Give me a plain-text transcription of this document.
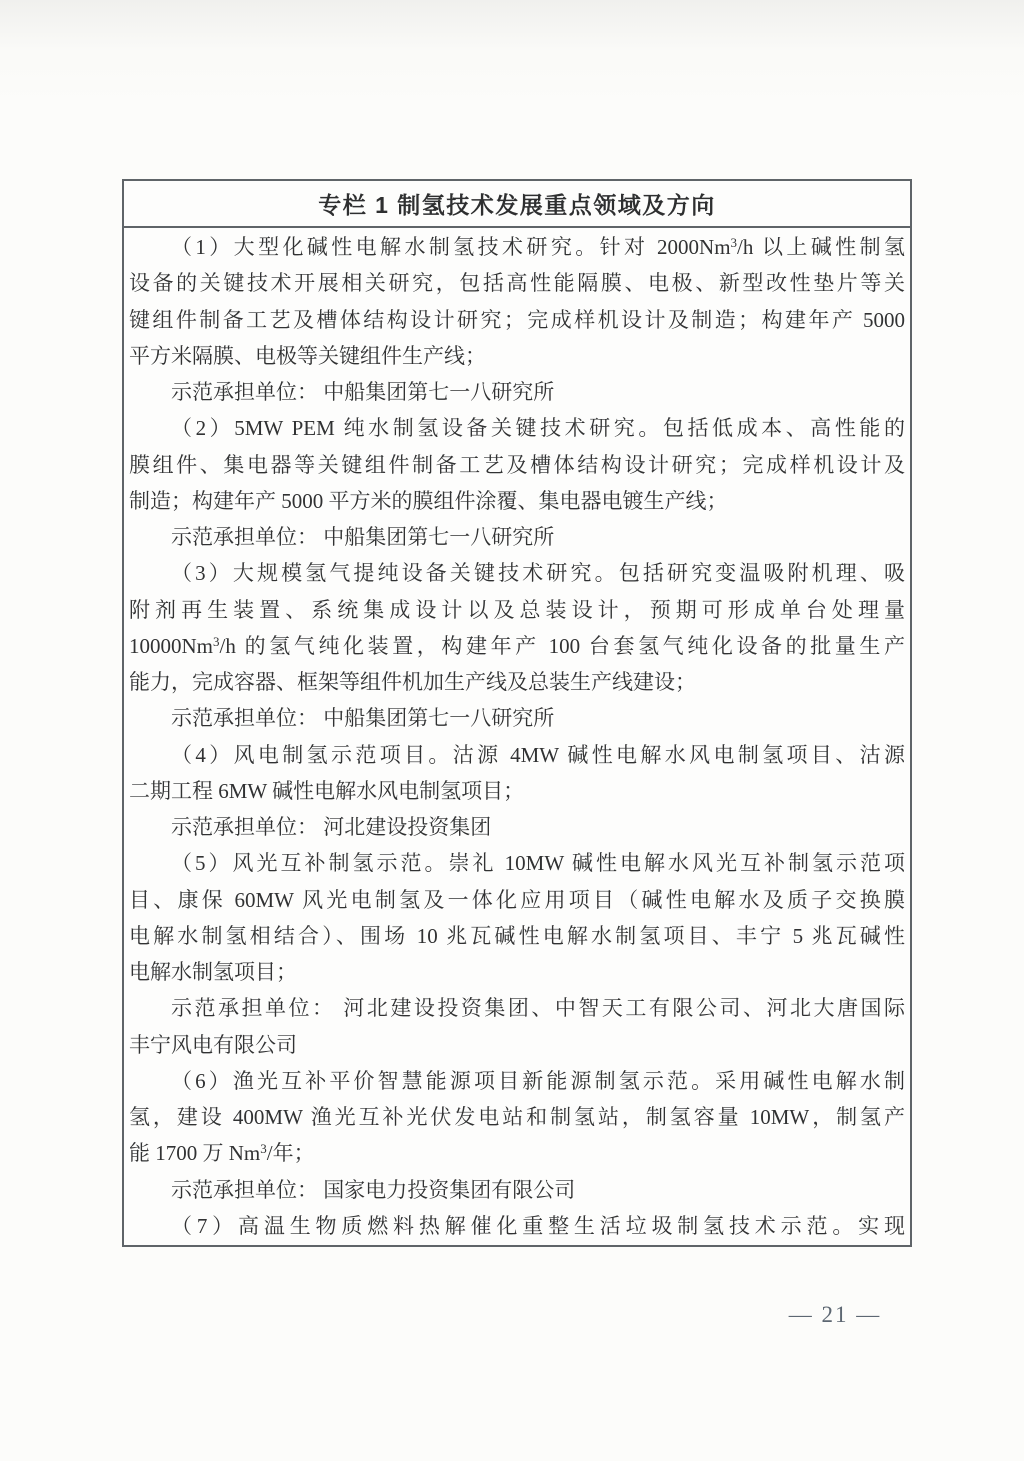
专栏 1 制氢技术发展重点领域及方向
（1）大型化碱性电解水制氢技术研究。针对 2000Nm$^3$/h 以上碱性制氢
设备的关键技术开展相关研究，包括高性能隔膜、电极、新型改性垫片等关
键组件制备工艺及槽体结构设计研究；完成样机设计及制造；构建年产 5000
平方米隔膜、电极等关键组件生产线；
示范承担单位： 中船集团第七一八研究所
（2）5MW PEM 纯水制氢设备关键技术研究。包括低成本、高性能的
膜组件、集电器等关键组件制备工艺及槽体结构设计研究；完成样机设计及
制造；构建年产 5000 平方米的膜组件涂覆、集电器电镀生产线；
示范承担单位： 中船集团第七一八研究所
（3）大规模氢气提纯设备关键技术研究。包括研究变温吸附机理、吸
附剂再生装置、系统集成设计以及总装设计，预期可形成单台处理量
10000Nm$^3$/h 的氢气纯化装置，构建年产 100 台套氢气纯化设备的批量生产
能力，完成容器、框架等组件机加生产线及总装生产线建设；
示范承担单位： 中船集团第七一八研究所
（4）风电制氢示范项目。沽源 4MW 碱性电解水风电制氢项目、沽源
二期工程 6MW 碱性电解水风电制氢项目；
示范承担单位： 河北建设投资集团
（5）风光互补制氢示范。崇礼 10MW 碱性电解水风光互补制氢示范项
目、康保 60MW 风光电制氢及一体化应用项目（碱性电解水及质子交换膜
电解水制氢相结合）、围场 10 兆瓦碱性电解水制氢项目、丰宁 5 兆瓦碱性
电解水制氢项目；
示范承担单位： 河北建设投资集团、中智天工有限公司、河北大唐国际
丰宁风电有限公司
（6）渔光互补平价智慧能源项目新能源制氢示范。采用碱性电解水制
氢，建设 400MW 渔光互补光伏发电站和制氢站，制氢容量 10MW，制氢产
能 1700 万 Nm$^3$/年；
示范承担单位： 国家电力投资集团有限公司
（7）高温生物质燃料热解催化重整生活垃圾制氢技术示范。实现
— 21 —
